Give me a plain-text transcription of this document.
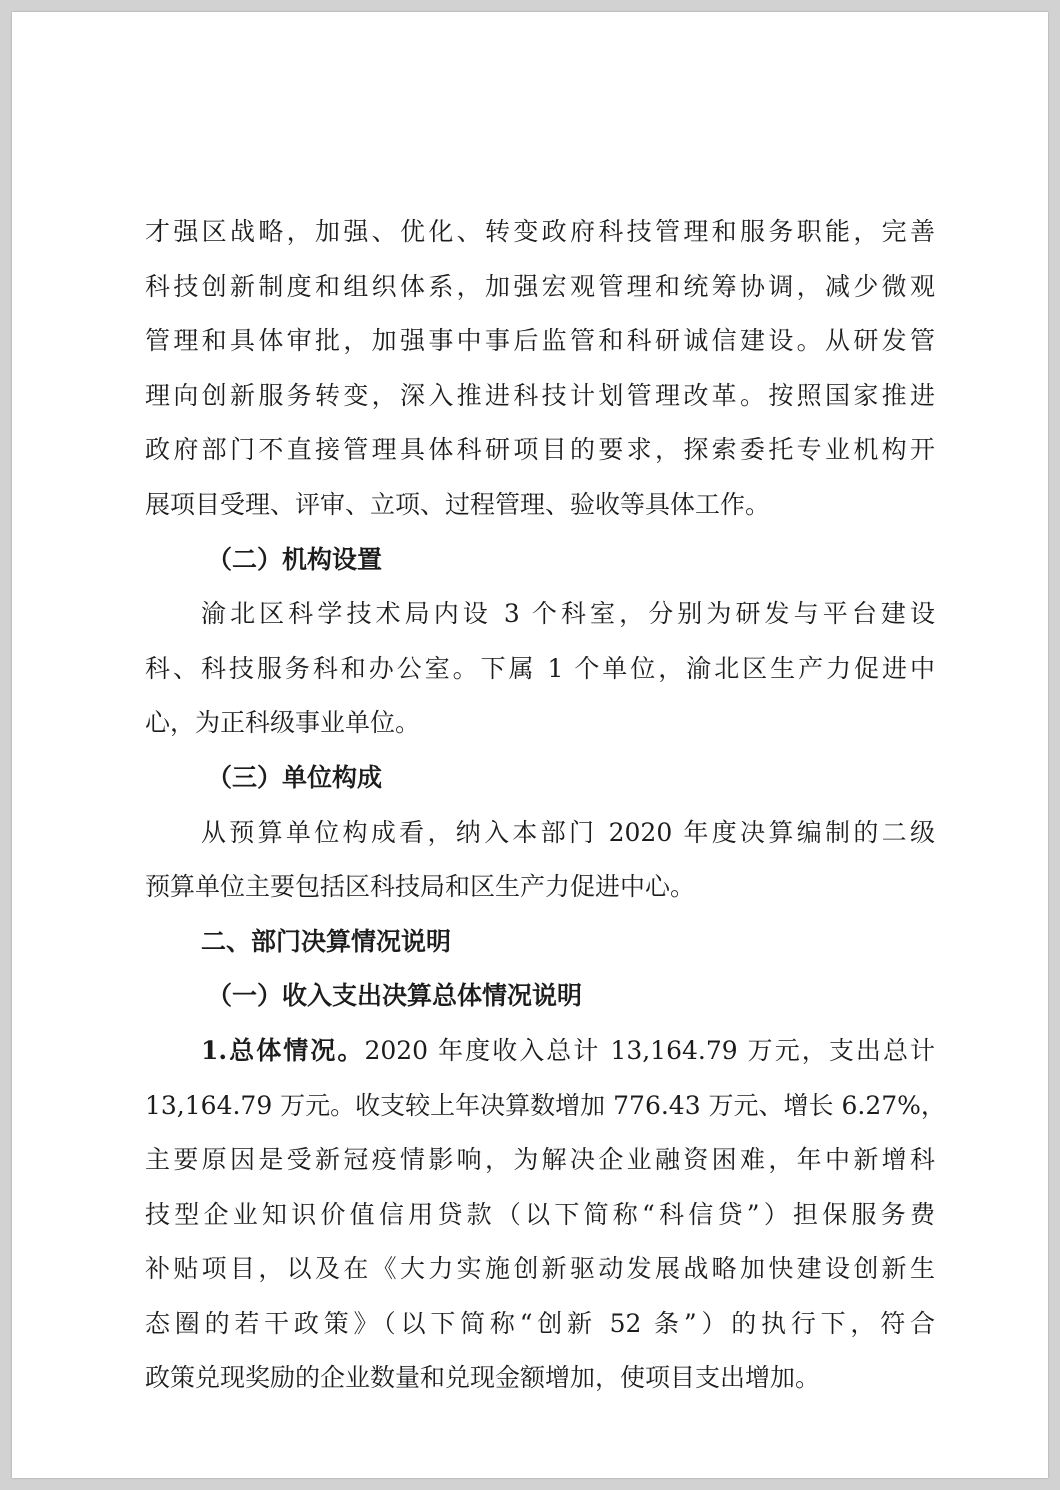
才强区战略，加强、优化、转变政府科技管理和服务职能，完善
科技创新制度和组织体系，加强宏观管理和统筹协调，减少微观
管理和具体审批，加强事中事后监管和科研诚信建设。从研发管
理向创新服务转变，深入推进科技计划管理改革。按照国家推进
政府部门不直接管理具体科研项目的要求，探索委托专业机构开
展项目受理、评审、立项、过程管理、验收等具体工作。
（二）机构设置
渝北区科学技术局内设 3 个科室，分别为研发与平台建设
科、科技服务科和办公室。下属 1 个单位，渝北区生产力促进中
心，为正科级事业单位。
（三）单位构成
从预算单位构成看，纳入本部门 2020 年度决算编制的二级
预算单位主要包括区科技局和区生产力促进中心。
二、部门决算情况说明
（一）收入支出决算总体情况说明
1.总体情况。2020 年度收入总计 13,164.79 万元，支出总计
13,164.79 万元。收支较上年决算数增加 776.43 万元、增长 6.27%，
主要原因是受新冠疫情影响，为解决企业融资困难，年中新增科
技型企业知识价值信用贷款（以下简称“科信贷”）担保服务费
补贴项目，以及在《大力实施创新驱动发展战略加快建设创新生
态圈的若干政策》（以下简称“创新 52 条”）的执行下，符合
政策兑现奖励的企业数量和兑现金额增加，使项目支出增加。
